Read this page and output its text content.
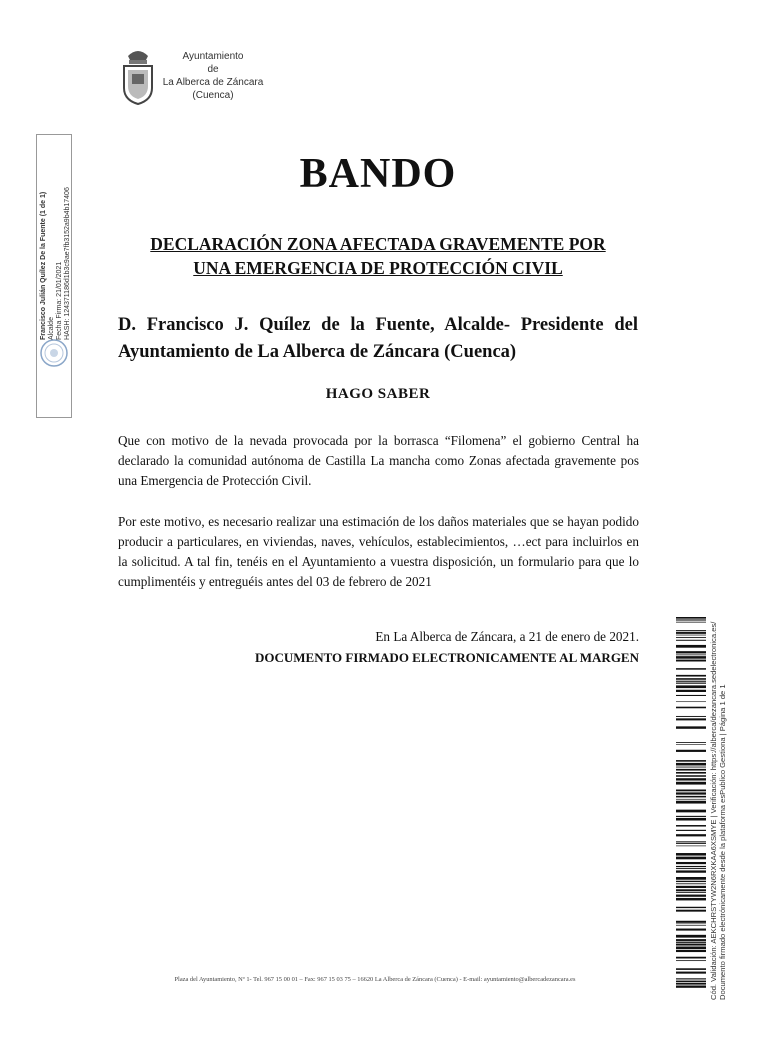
Ayuntamiento
de
La Alberca de Záncara
(Cuenca)
Francisco Julián Quílez De la Fuente (1 de 1) Alcalde Fecha Firma: 21/01/2021 HASH: 124371186d1b3c9ae7fb3152a9b4b17406
BANDO
DECLARACIÓN ZONA AFECTADA GRAVEMENTE POR
UNA EMERGENCIA DE PROTECCIÓN CIVIL
D. Francisco J. Quílez de la Fuente, Alcalde- Presidente del Ayuntamiento de La Alberca de Záncara (Cuenca)
HAGO SABER
Que con motivo de la nevada provocada por la borrasca “Filomena” el gobierno Central ha declarado la comunidad autónoma de Castilla La mancha como Zonas afectada gravemente pos una Emergencia de Protección Civil.
Por este motivo, es necesario realizar una estimación de los daños materiales que se hayan podido producir a particulares, en viviendas, naves, vehículos, establecimientos, …ect para incluirlos en la solicitud. A tal fin, tenéis en el Ayuntamiento a vuestra disposición, un formulario para que lo cumplimentéis y entreguéis antes del 03 de febrero de 2021
En La Alberca de Záncara, a 21 de enero de 2021.
DOCUMENTO FIRMADO ELECTRONICAMENTE AL MARGEN	Cód. Validación: AEKCHRSTYW2N6RXKAA6XSMYE | Verificación: https://alberca/dezancara.sedelectronica.es/ Documento firmado electrónicamente desde la plataforma esPublico Gestiona | Página 1 de 1
Plaza del Ayuntamiento, Nº 1- Tel. 967 15 00 01 – Fax: 967 15 03 75 – 16620 La Alberca de Záncara (Cuenca) - E-mail: ayuntamiento@albercadezancara.es
